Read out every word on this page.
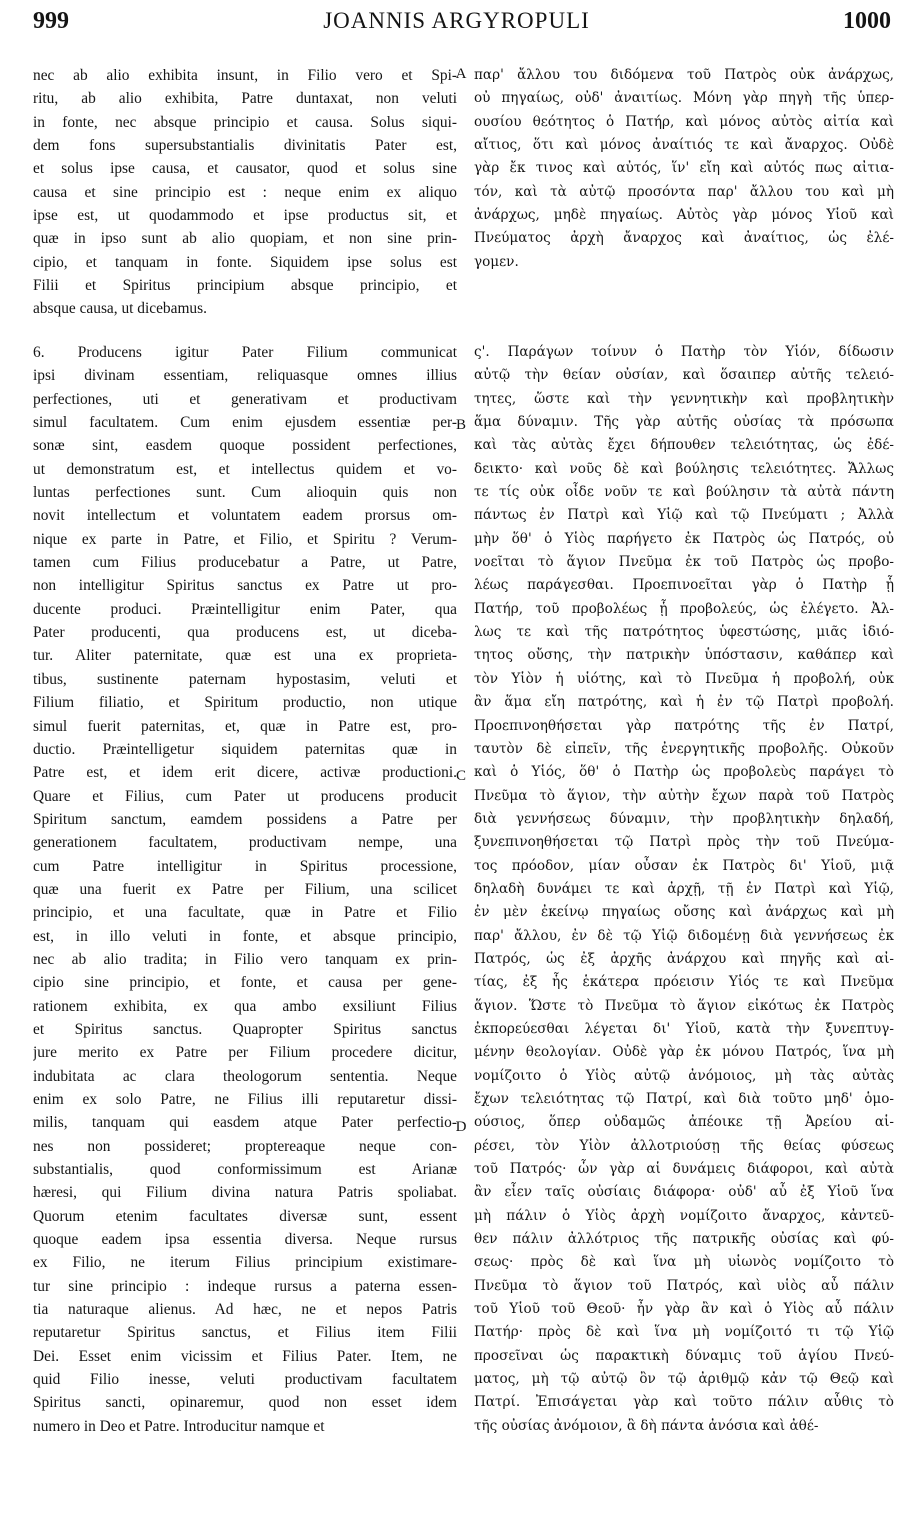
999	JOANNIS ARGYROPULI	1000
nec ab alio exhibita insunt, in Filio vero et Spi-
ritu, ab alio exhibita, Patre duntaxat, non veluti
in fonte, nec absque principio et causa. Solus siqui-
dem fons supersubstantialis divinitatis Pater est,
et solus ipse causa, et causator, quod et solus sine
causa et sine principio est : neque enim ex aliquo
ipse est, ut quodammodo et ipse productus sit, et
quæ in ipso sunt ab alio quopiam, et non sine prin-
cipio, et tanquam in fonte. Siquidem ipse solus est
Filii et Spiritus principium absque principio, et
absque causa, ut dicebamus.
6. Producens igitur Pater Filium communicat
ipsi divinam essentiam, reliquasque omnes illius
perfectiones, uti et generativam et productivam
simul facultatem. Cum enim ejusdem essentiæ per-
sonæ sint, easdem quoque possident perfectiones,
ut demonstratum est, et intellectus quidem et vo-
luntas perfectiones sunt. Cum alioquin quis non
novit intellectum et voluntatem eadem prorsus om-
nique ex parte in Patre, et Filio, et Spiritu ? Verum-
tamen cum Filius producebatur a Patre, ut Patre,
non intelligitur Spiritus sanctus ex Patre ut pro-
ducente produci. Præintelligitur enim Pater, qua
Pater producenti, qua producens est, ut diceba-
tur. Aliter paternitate, quæ est una ex proprieta-
tibus, sustinente paternam hypostasim, veluti et
Filium filiatio, et Spiritum productio, non utique
simul fuerit paternitas, et, quæ in Patre est, pro-
ductio. Præintelligetur siquidem paternitas quæ in
Patre est, et idem erit dicere, activæ productioni.
Quare et Filius, cum Pater ut producens producit
Spiritum sanctum, eamdem possidens a Patre per
generationem facultatem, productivam nempe, una
cum Patre intelligitur in Spiritus processione,
quæ una fuerit ex Patre per Filium, una scilicet
principio, et una facultate, quæ in Patre et Filio
est, in illo veluti in fonte, et absque principio,
nec ab alio tradita; in Filio vero tanquam ex prin-
cipio sine principio, et fonte, et causa per gene-
rationem exhibita, ex qua ambo exsiliunt Filius
et Spiritus sanctus. Quapropter Spiritus sanctus
jure merito ex Patre per Filium procedere dicitur,
indubitata ac clara theologorum sententia. Neque
enim ex solo Patre, ne Filius illi reputaretur dissi-
milis, tanquam qui easdem atque Pater perfectio-
nes non possideret; proptereaque neque con-
substantialis, quod conformissimum est Arianæ
hæresi, qui Filium divina natura Patris spoliabat.
Quorum etenim facultates diversæ sunt, essent
quoque eadem ipsa essentia diversa. Neque rursus
ex Filio, ne iterum Filius principium existimare-
tur sine principio : indeque rursus a paterna essen-
tia naturaque alienus. Ad hæc, ne et nepos Patris
reputaretur Spiritus sanctus, et Filius item Filii
Dei. Esset enim vicissim et Filius Pater. Item, ne
quid Filio inesse, veluti productivam facultatem
Spiritus sancti, opinaremur, quod non esset idem
numero in Deo et Patre. Introducitur namque et
παρ' ἄλλου του διδόμενα τοῦ Πατρὸς οὐκ ἀνάρχως,
οὐ πηγαίως, οὐδ' ἀναιτίως. Μόνη γὰρ πηγὴ τῆς ὑπερ-
ουσίου θεότητος ὁ Πατήρ, καὶ μόνος αὐτὸς αἰτία καὶ
αἴτιος, ὅτι καὶ μόνος ἀναίτιός τε καὶ ἄναρχος. Οὐδὲ
γὰρ ἔκ τινος καὶ αὐτός, ἵν' εἴη καὶ αὐτός πως αἰτια-
τόν, καὶ τὰ αὐτῷ προσόντα παρ' ἄλλου του καὶ μὴ
ἀνάρχως, μηδὲ πηγαίως. Αὐτὸς γὰρ μόνος Υἱοῦ καὶ
Πνεύματος ἀρχὴ ἄναρχος καὶ ἀναίτιος, ὡς ἐλέ-
γομεν.
ς'. Παράγων τοίνυν ὁ Πατὴρ τὸν Υἱόν, δίδωσιν
αὐτῷ τὴν θείαν οὐσίαν, καὶ ὅσαιπερ αὐτῆς τελειό-
τητες, ὥστε καὶ τὴν γεννητικὴν καὶ προβλητικὴν
ἅμα δύναμιν. Τῆς γὰρ αὐτῆς οὐσίας τὰ πρόσωπα
καὶ τὰς αὐτὰς ἔχει δήπουθεν τελειότητας, ὡς ἐδέ-
δεικτο· καὶ νοῦς δὲ καὶ βούλησις τελειότητες. Ἄλλως
τε τίς οὐκ οἶδε νοῦν τε καὶ βούλησιν τὰ αὐτὰ πάντη
πάντως ἐν Πατρὶ καὶ Υἱῷ καὶ τῷ Πνεύματι ; Ἀλλὰ
μὴν ὅθ' ὁ Υἱὸς παρήγετο ἐκ Πατρὸς ὡς Πατρός, οὐ
νοεῖται τὸ ἅγιον Πνεῦμα ἐκ τοῦ Πατρὸς ὡς προβο-
λέως παράγεσθαι. Προεπινοεῖται γὰρ ὁ Πατὴρ ᾗ
Πατήρ, τοῦ προβολέως ᾗ προβολεύς, ὡς ἐλέγετο. Ἀλ-
λως τε καὶ τῆς πατρότητος ὑφεστώσης, μιᾶς ἰδιό-
τητος οὔσης, τὴν πατρικὴν ὑπόστασιν, καθάπερ καὶ
τὸν Υἱὸν ἡ υἱότης, καὶ τὸ Πνεῦμα ἡ προβολή, οὐκ
ἂν ἅμα εἴη πατρότης, καὶ ἡ ἐν τῷ Πατρὶ προβολή.
Προεπινοηθήσεται γὰρ πατρότης τῆς ἐν Πατρί,
ταυτὸν δὲ εἰπεῖν, τῆς ἐνεργητικῆς προβολῆς. Οὐκοῦν
καὶ ὁ Υἱός, ὅθ' ὁ Πατὴρ ὡς προβολεὺς παράγει τὸ
Πνεῦμα τὸ ἅγιον, τὴν αὐτὴν ἔχων παρὰ τοῦ Πατρὸς
διὰ γεννήσεως δύναμιν, τὴν προβλητικὴν δηλαδή,
ξυνεπινοηθήσεται τῷ Πατρὶ πρὸς τὴν τοῦ Πνεύμα-
τος πρόοδον, μίαν οὖσαν ἐκ Πατρὸς δι' Υἱοῦ, μιᾷ
δηλαδὴ δυνάμει τε καὶ ἀρχῇ, τῇ ἐν Πατρὶ καὶ Υἱῷ,
ἐν μὲν ἐκείνῳ πηγαίως οὔσης καὶ ἀνάρχως καὶ μὴ
παρ' ἄλλου, ἐν δὲ τῷ Υἱῷ διδομένῃ διὰ γεννήσεως ἐκ
Πατρός, ὡς ἐξ ἀρχῆς ἀνάρχου καὶ πηγῆς καὶ αἰ-
τίας, ἐξ ἧς ἑκάτερα πρόεισιν Υἱός τε καὶ Πνεῦμα
ἅγιον. Ὥστε τὸ Πνεῦμα τὸ ἅγιον εἰκότως ἐκ Πατρὸς
ἐκπορεύεσθαι λέγεται δι' Υἱοῦ, κατὰ τὴν ξυνεπτυγ-
μένην θεολογίαν. Οὐδὲ γὰρ ἐκ μόνου Πατρός, ἵνα μὴ
νομίζοιτο ὁ Υἱὸς αὐτῷ ἀνόμοιος, μὴ τὰς αὐτὰς
ἔχων τελειότητας τῷ Πατρί, καὶ διὰ τοῦτο μηδ' ὁμο-
ούσιος, ὅπερ οὐδαμῶς ἀπέοικε τῇ Ἀρείου αἱ-
ρέσει, τὸν Υἱὸν ἀλλοτριούσῃ τῆς θείας φύσεως
τοῦ Πατρός· ὧν γὰρ αἱ δυνάμεις διάφοροι, καὶ αὐτὰ
ἂν εἶεν ταῖς οὐσίαις διάφορα· οὐδ' αὖ ἐξ Υἱοῦ ἵνα
μὴ πάλιν ὁ Υἱὸς ἀρχὴ νομίζοιτο ἄναρχος, κἀντεῦ-
θεν πάλιν ἀλλότριος τῆς πατρικῆς οὐσίας καὶ φύ-
σεως· πρὸς δὲ καὶ ἵνα μὴ υἱωνὸς νομίζοιτο τὸ
Πνεῦμα τὸ ἅγιον τοῦ Πατρός, καὶ υἱὸς αὖ πάλιν
τοῦ Υἱοῦ τοῦ Θεοῦ· ἦν γὰρ ἂν καὶ ὁ Υἱὸς αὖ πάλιν
Πατήρ· πρὸς δὲ καὶ ἵνα μὴ νομίζοιτό τι τῷ Υἱῷ
προσεῖναι ὡς παρακτικὴ δύναμις τοῦ ἁγίου Πνεύ-
ματος, μὴ τῷ αὐτῷ ὂν τῷ ἀριθμῷ κἀν τῷ Θεῷ καὶ
Πατρί. Ἐπισάγεται γὰρ καὶ τοῦτο πάλιν αὖθις τὸ
τῆς οὐσίας ἀνόμοιον, ἃ δὴ πάντα ἀνόσια καὶ ἀθέ-
A
B
C
D
